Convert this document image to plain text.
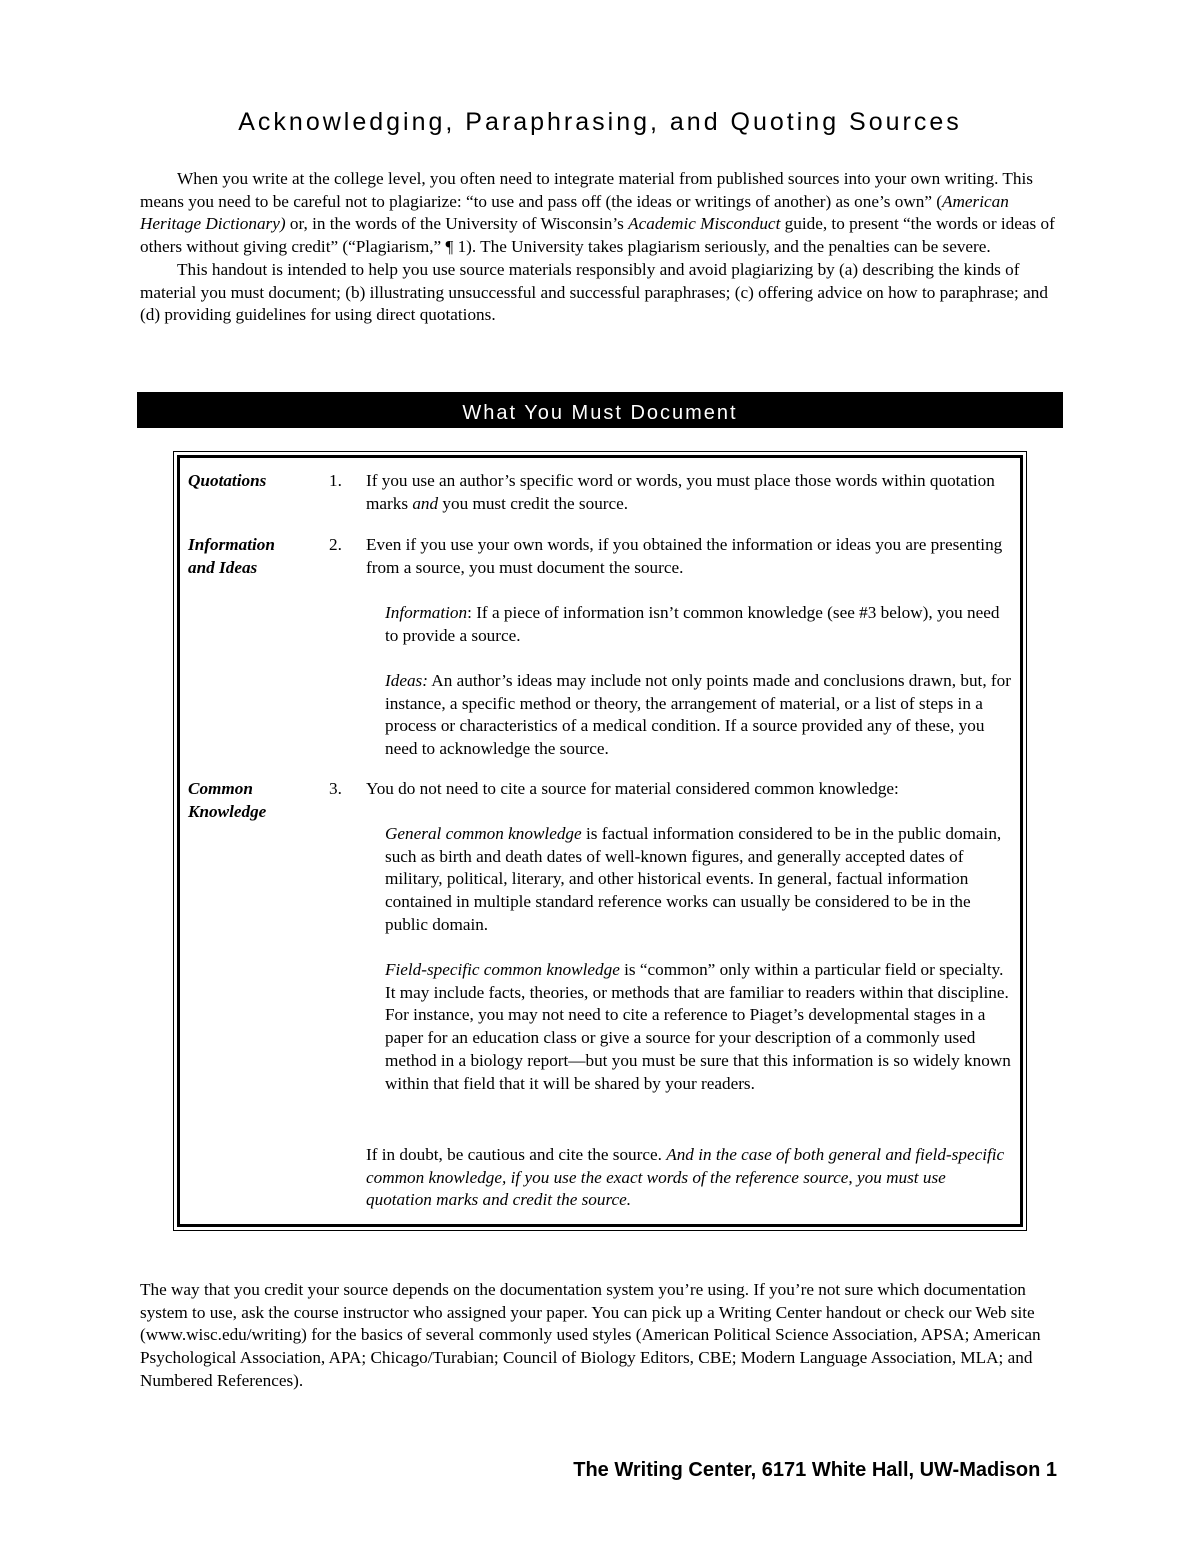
Acknowledging, Paraphrasing, and Quoting Sources

When you write at the college level, you often need to integrate material from published sources into your own writing. This means you need to be careful not to plagiarize: “to use and pass off (the ideas or writings of another) as one’s own” (American Heritage Dictionary) or, in the words of the University of Wisconsin’s Academic Misconduct guide, to present “the words or ideas of others without giving credit” (“Plagiarism,” ¶ 1). The University takes plagiarism seriously, and the penalties can be severe.

This handout is intended to help you use source materials responsibly and avoid plagiarizing by (a) describing the kinds of material you must document; (b) illustrating unsuccessful and successful paraphrases; (c) offering advice on how to paraphrase; and (d) providing guidelines for using direct quotations.

What You Must Document
Quotations	1. If you use an author’s specific word or words, you must place those words within quotation marks and you must credit the source.
Information
and Ideas
2. Even if you use your own words, if you obtained the information or ideas you are presenting from a source, you must document the source.
Information: If a piece of information isn’t common knowledge (see #3 below), you need to provide a source.
Ideas: An author’s ideas may include not only points made and conclusions drawn, but, for instance, a specific method or theory, the arrangement of material, or a list of steps in a process or characteristics of a medical condition. If a source provided any of these, you need to acknowledge the source.
Common
Knowledge
3. You do not need to cite a source for material considered common knowledge:
General common knowledge is factual information considered to be in the public domain, such as birth and death dates of well-known figures, and generally accepted dates of military, political, literary, and other historical events. In general, factual information contained in multiple standard reference works can usually be considered to be in the public domain.
Field-specific common knowledge is “common” only within a particular field or specialty. It may include facts, theories, or methods that are familiar to readers within that discipline. For instance, you may not need to cite a reference to Piaget’s developmental stages in a paper for an education class or give a source for your description of a commonly used method in a biology report—but you must be sure that this information is so widely known within that field that it will be shared by your readers.
If in doubt, be cautious and cite the source. And in the case of both general and field-specific common knowledge, if you use the exact words of the reference source, you must use quotation marks and credit the source.
The way that you credit your source depends on the documentation system you’re using. If you’re not sure which documentation system to use, ask the course instructor who assigned your paper. You can pick up a Writing Center handout or check our Web site (www.wisc.edu/writing) for the basics of several commonly used styles (American Political Science Association, APSA; American Psychological Association, APA; Chicago/Turabian; Council of Biology Editors, CBE; Modern Language Association, MLA; and Numbered References).
The Writing Center, 6171 White Hall, UW-Madison 1
